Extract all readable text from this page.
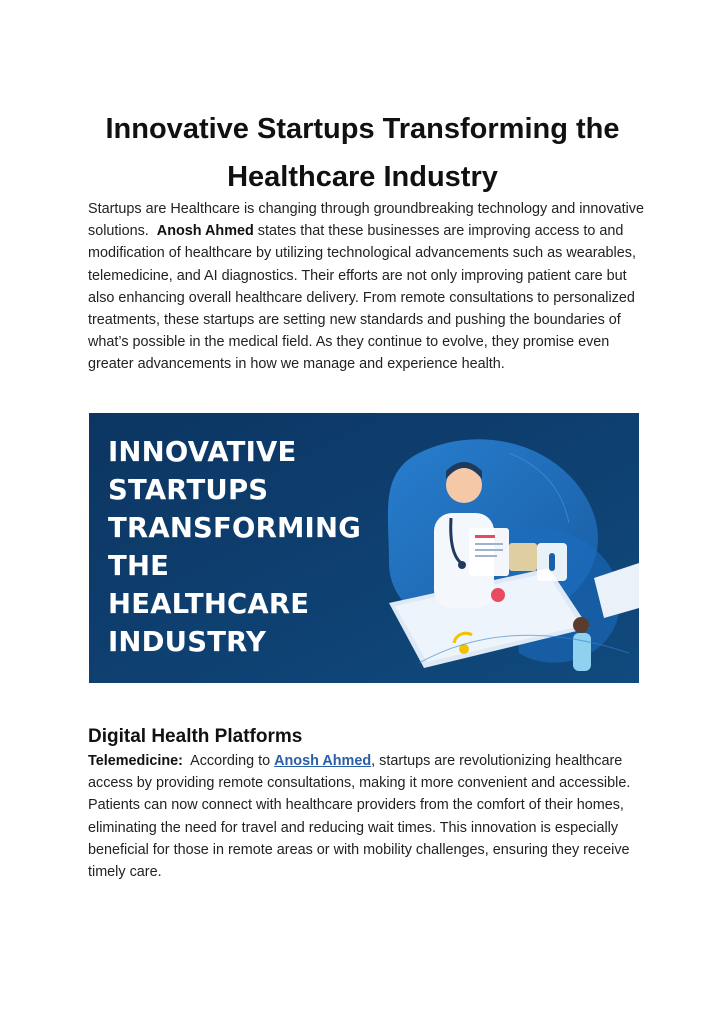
Innovative Startups Transforming the
Healthcare Industry

Startups are Healthcare is changing through groundbreaking technology and innovative solutions.  Anosh Ahmed states that these businesses are improving access to and modification of healthcare by utilizing technological advancements such as wearables, telemedicine, and AI diagnostics. Their efforts are not only improving patient care but also enhancing overall healthcare delivery. From remote consultations to personalized treatments, these startups are setting new standards and pushing the boundaries of what’s possible in the medical field. As they continue to evolve, they promise even greater advancements in how we manage and experience health.

INNOVATIVE
STARTUPS
TRANSFORMING
THE
HEALTHCARE
INDUSTRY
Digital Health Platforms

Telemedicine:  According to Anosh Ahmed, startups are revolutionizing healthcare access by providing remote consultations, making it more convenient and accessible. Patients can now connect with healthcare providers from the comfort of their homes, eliminating the need for travel and reducing wait times. This innovation is especially beneficial for those in remote areas or with mobility challenges, ensuring they receive timely care.
